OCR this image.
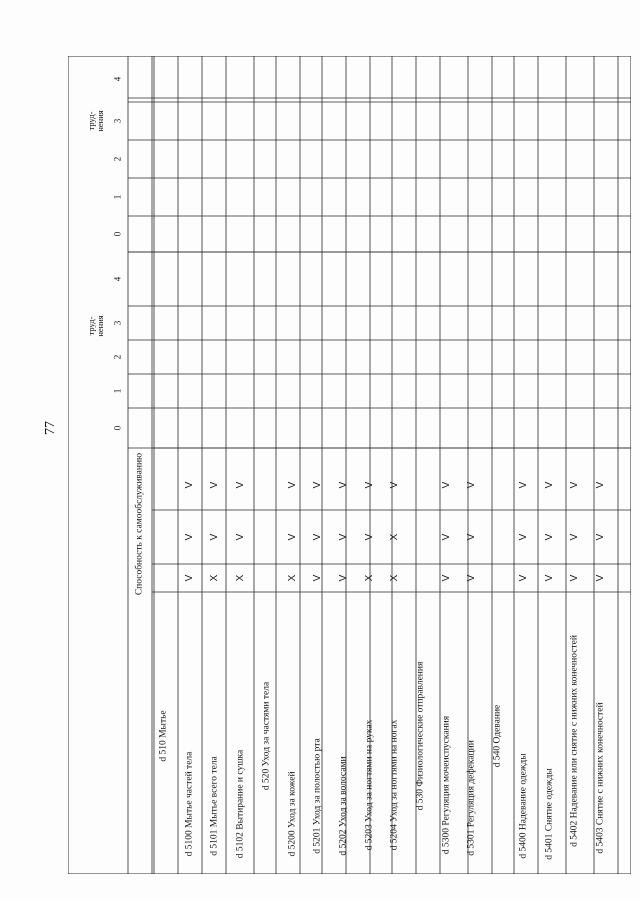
77
Способность к самообслуживанию
труд-
нения
труд-
нения
0
1
2
3
4
0
1
2
3
4
d 510 Мытье
d 5100 Мытье частей тела
V
V
V
d 5101 Мытье всего тела
X
V
V
d 5102 Вытирание и сушка
X
V
V
d 520 Уход за частями тела
d 5200 Уход за кожей
X
V
V
d 5201 Уход за полостью рта
V
V
V
d 5202 Уход за волосами
V
V
V
d 5203 Уход за ногтями на руках
X
V
V
d 5204 Уход за ногтями на ногах
X
X
V
d 530 Физиологические отправления d 5300 Регуляция мочеиспускания
V
V
V
d 5301 Регуляция дефекации
V
V
V
d 540 Одевание
d 5400 Надевание одежды
V
V
V
d 5401 Снятие одежды
V
V
V
d 5402 Надевание или снятие с нижних конечностей
V
V
V
d 5403 Снятие с нижних конечностей
V
V
V
